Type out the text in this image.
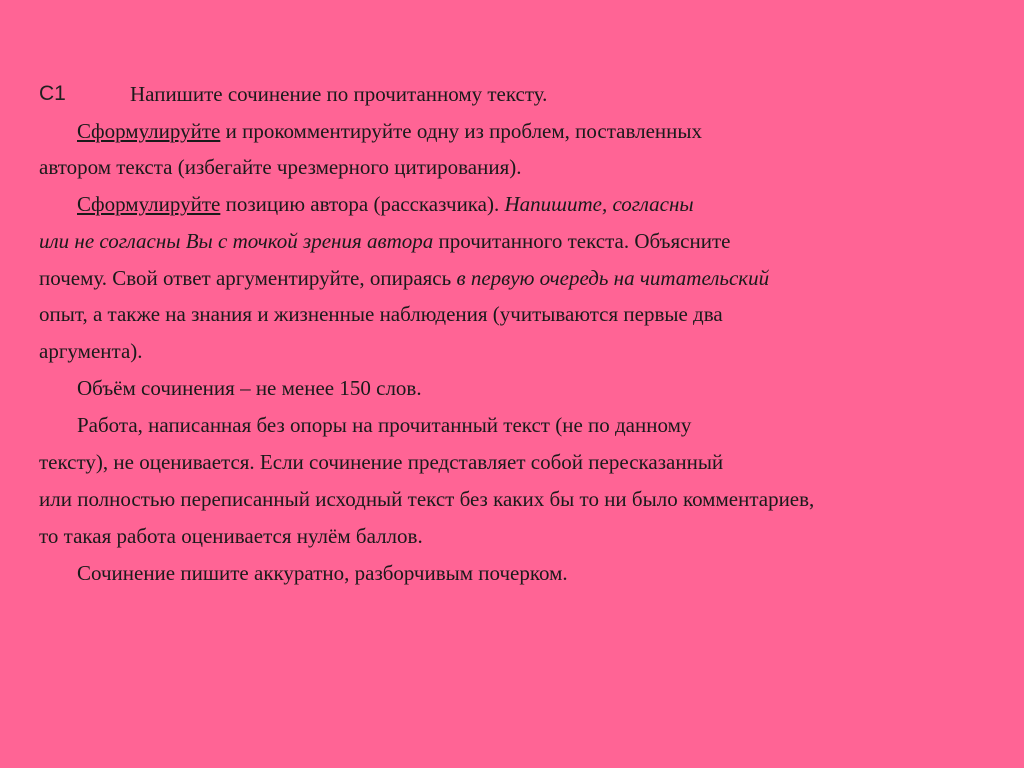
С1	Напишите сочинение по прочитанному тексту.
Сформулируйте и прокомментируйте одну из проблем, поставленных
автором текста (избегайте чрезмерного цитирования).
Сформулируйте позицию автора (рассказчика). Напишите, согласны
или не согласны Вы с точкой зрения автора прочитанного текста. Объясните
почему. Свой ответ аргументируйте, опираясь в первую очередь на читательский
опыт, а также на знания и жизненные наблюдения (учитываются первые два
аргумента).
Объём сочинения – не менее 150 слов.
Работа, написанная без опоры на прочитанный текст (не по данному
тексту), не оценивается. Если сочинение представляет собой пересказанный
или полностью переписанный исходный текст без каких бы то ни было комментариев,
то такая работа оценивается нулём баллов.
Сочинение пишите аккуратно, разборчивым почерком.
